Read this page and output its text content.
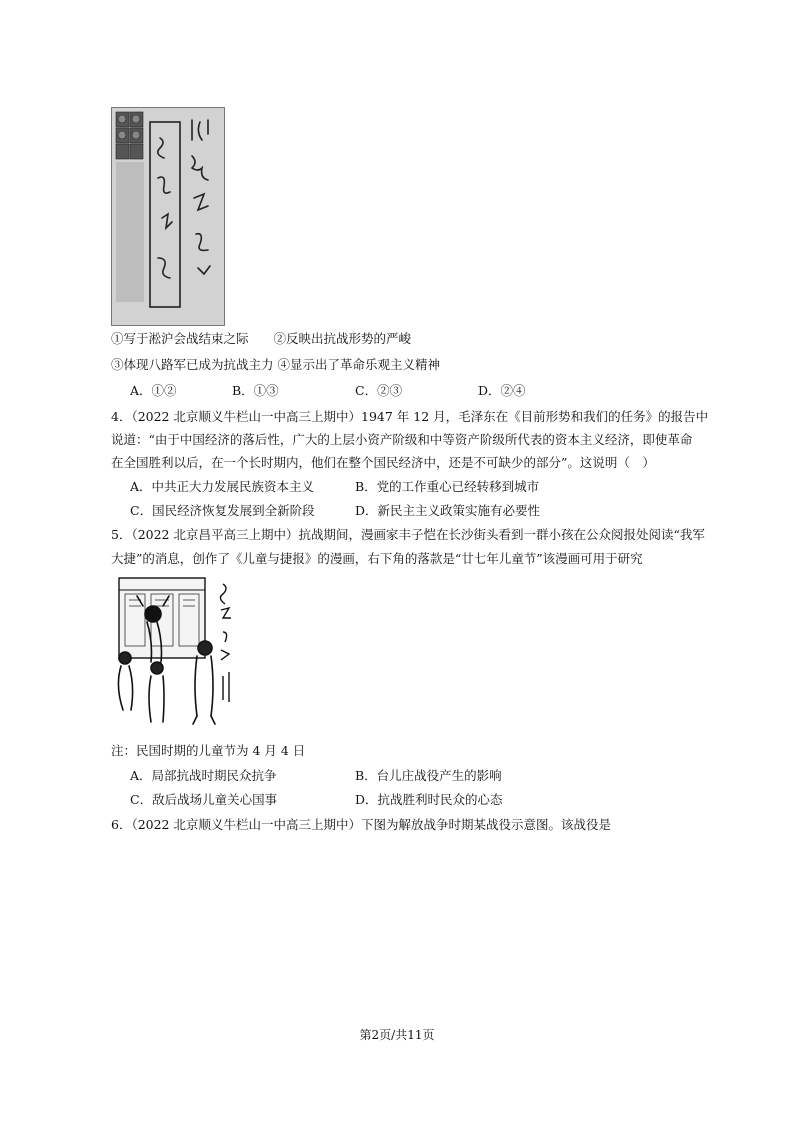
①写于淞沪会战结束之际　　②反映出抗战形势的严峻
③体现八路军已成为抗战主力 ④显示出了革命乐观主义精神
A．①②	B．①③	C．②③	D．②④
4．（2022 北京顺义牛栏山一中高三上期中）1947 年 12 月，毛泽东在《目前形势和我们的任务》的报告中
说道：“由于中国经济的落后性，广大的上层小资产阶级和中等资产阶级所代表的资本主义经济，即使革命
在全国胜利以后，在一个长时期内，他们在整个国民经济中，还是不可缺少的部分”。这说明（　）
A．中共正大力发展民族资本主义	B．党的工作重心已经转移到城市
C．国民经济恢复发展到全新阶段	D．新民主主义政策实施有必要性
5．（2022 北京昌平高三上期中）抗战期间，漫画家丰子恺在长沙街头看到一群小孩在公众阅报处阅读“我军
大捷”的消息，创作了《儿童与捷报》的漫画，右下角的落款是“廿七年儿童节”该漫画可用于研究
注：民国时期的儿童节为 4 月 4 日
A．局部抗战时期民众抗争	B．台儿庄战役产生的影响
C．敌后战场儿童关心国事	D．抗战胜利时民众的心态
6．（2022 北京顺义牛栏山一中高三上期中）下图为解放战争时期某战役示意图。该战役是
第2页/共11页
